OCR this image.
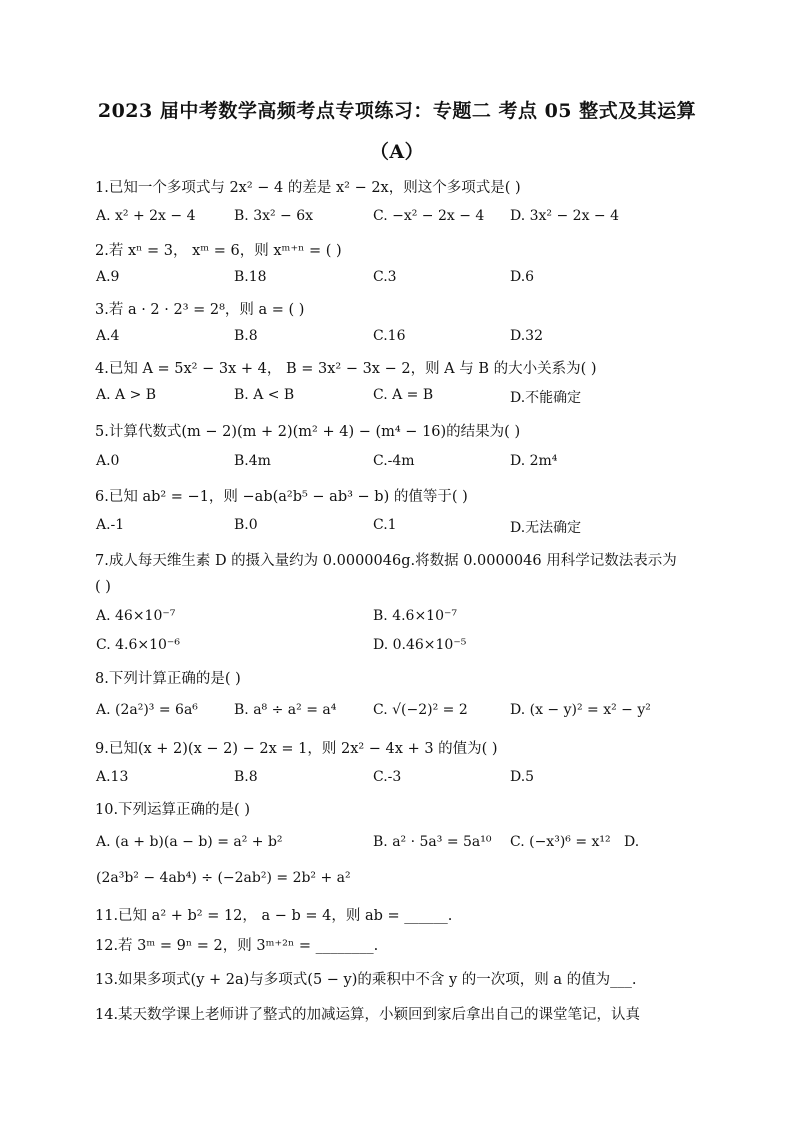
2023 届中考数学高频考点专项练习：专题二 考点 05 整式及其运算
（A）
1.已知一个多项式与 2x² − 4 的差是 x² − 2x，则这个多项式是( )
A. x² + 2x − 4	B. 3x² − 6x	C. −x² − 2x − 4 D. 3x² − 2x − 4
2.若 xⁿ = 3， xᵐ = 6，则 xᵐ⁺ⁿ = ( )
A.9	B.18	C.3	D.6
3.若 a · 2 · 2³ = 2⁸，则 a = ( )
A.4	B.8	C.16	D.32
4.已知 A = 5x² − 3x + 4， B = 3x² − 3x − 2，则 A 与 B 的大小关系为( )
A. A > B	B. A < B	C. A = B	D.不能确定
5.计算代数式(m − 2)(m + 2)(m² + 4) − (m⁴ − 16)的结果为( )
A.0	B.4m	C.-4m	D. 2m⁴
6.已知 ab² = −1，则 −ab(a²b⁵ − ab³ − b) 的值等于( )
A.-1	B.0	C.1	D.无法确定
7.成人每天维生素 D 的摄入量约为 0.0000046g.将数据 0.0000046 用科学记数法表示为
( )
A. 46×10⁻⁷	B. 4.6×10⁻⁷
C. 4.6×10⁻⁶	D. 0.46×10⁻⁵
8.下列计算正确的是( )
A. (2a²)³ = 6a⁶	B. a⁸ ÷ a² = a⁴	C. √(−2)² = 2	D. (x − y)² = x² − y²
9.已知(x + 2)(x − 2) − 2x = 1，则 2x² − 4x + 3 的值为( )
A.13	B.8	C.-3	D.5
10.下列运算正确的是( )
A. (a + b)(a − b) = a² + b²	B. a² · 5a³ = 5a¹⁰ C. (−x³)⁶ = x¹² D.
(2a³b² − 4ab⁴) ÷ (−2ab²) = 2b² + a²
11.已知 a² + b² = 12， a − b = 4，则 ab = ______.
12.若 3ᵐ = 9ⁿ = 2，则 3ᵐ⁺²ⁿ = ________.
13.如果多项式(y + 2a)与多项式(5 − y)的乘积中不含 y 的一次项，则 a 的值为___.
14.某天数学课上老师讲了整式的加减运算，小颖回到家后拿出自己的课堂笔记，认真
